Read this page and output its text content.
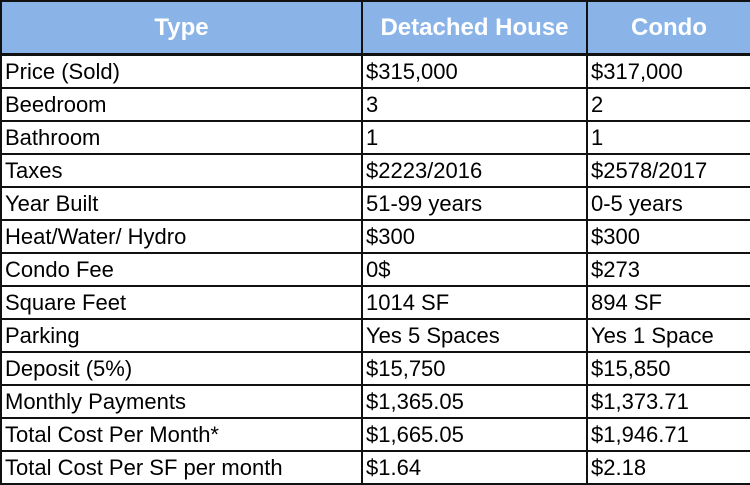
Type	Detached House	Condo
Price (Sold)	$315,000	$317,000
Beedroom	3	2
Bathroom	1	1
Taxes	$2223/2016	$2578/2017
Year Built	51-99 years	0-5 years
Heat/Water/ Hydro	$300	$300
Condo Fee	0$	$273
Square Feet	1014 SF	894 SF
Parking	Yes 5 Spaces	Yes 1 Space
Deposit (5%)	$15,750	$15,850
Monthly Payments	$1,365.05	$1,373.71
Total Cost Per Month*	$1,665.05	$1,946.71
Total Cost Per SF per month	$1.64	$2.18
